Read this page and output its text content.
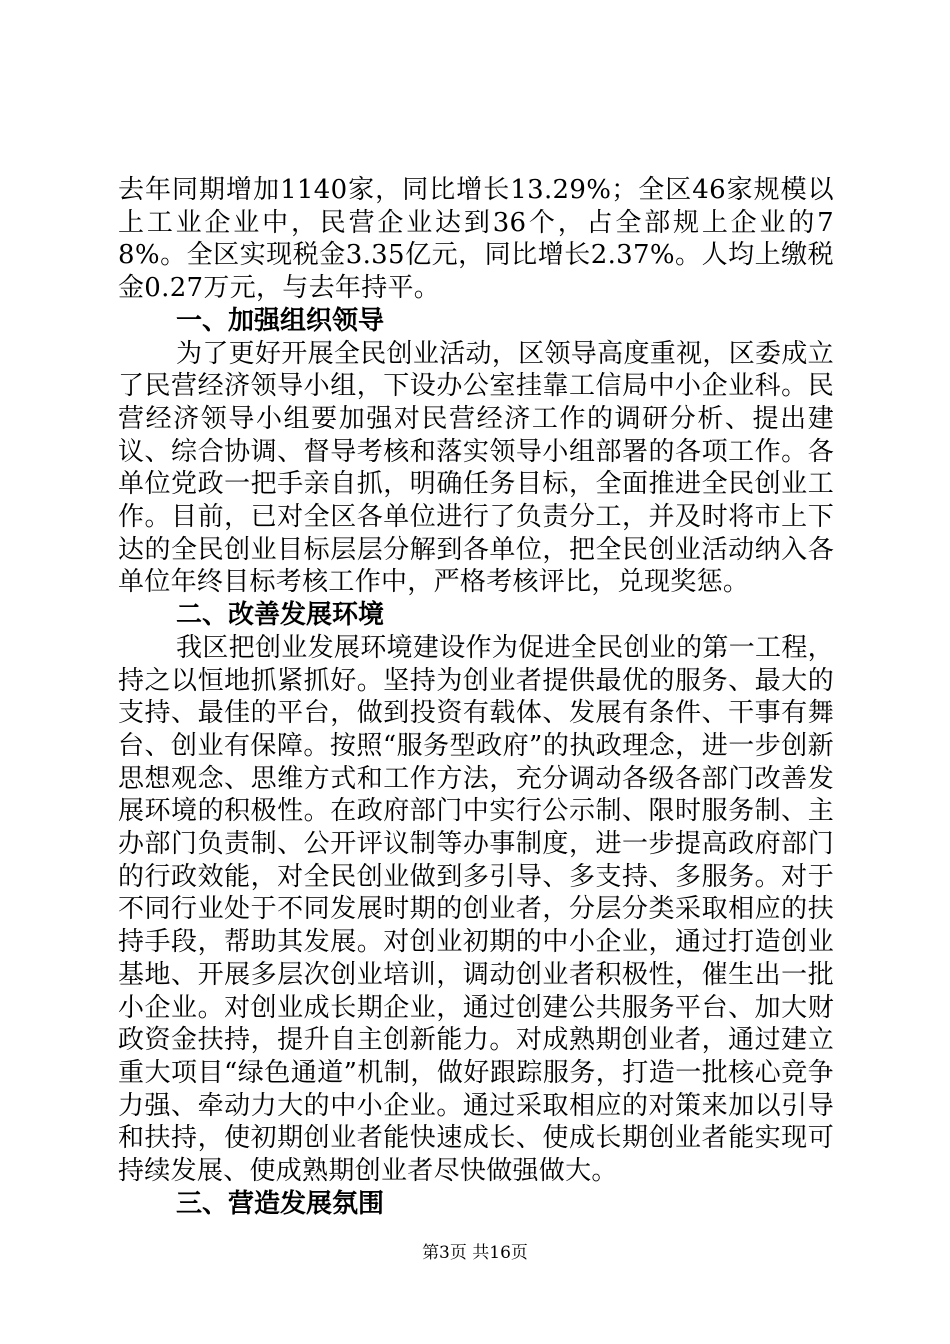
去年同期增加1140家，同比增长13.29%；全区46家规模以上工业企业中，民营企业达到36个，占全部规上企业的78%。全区实现税金3.35亿元，同比增长2.37%。人均上缴税金0.27万元，与去年持平。

一、加强组织领导

为了更好开展全民创业活动，区领导高度重视，区委成立了民营经济领导小组，下设办公室挂靠工信局中小企业科。民营经济领导小组要加强对民营经济工作的调研分析、提出建议、综合协调、督导考核和落实领导小组部署的各项工作。各单位党政一把手亲自抓，明确任务目标，全面推进全民创业工作。目前，已对全区各单位进行了负责分工，并及时将市上下达的全民创业目标层层分解到各单位，把全民创业活动纳入各单位年终目标考核工作中，严格考核评比，兑现奖惩。

二、改善发展环境

我区把创业发展环境建设作为促进全民创业的第一工程，持之以恒地抓紧抓好。坚持为创业者提供最优的服务、最大的支持、最佳的平台，做到投资有载体、发展有条件、干事有舞台、创业有保障。按照“服务型政府”的执政理念，进一步创新思想观念、思维方式和工作方法，充分调动各级各部门改善发展环境的积极性。在政府部门中实行公示制、限时服务制、主办部门负责制、公开评议制等办事制度，进一步提高政府部门的行政效能，对全民创业做到多引导、多支持、多服务。对于不同行业处于不同发展时期的创业者，分层分类采取相应的扶持手段，帮助其发展。对创业初期的中小企业，通过打造创业基地、开展多层次创业培训，调动创业者积极性，催生出一批小企业。对创业成长期企业，通过创建公共服务平台、加大财政资金扶持，提升自主创新能力。对成熟期创业者，通过建立重大项目“绿色通道”机制，做好跟踪服务，打造一批核心竞争力强、牵动力大的中小企业。通过采取相应的对策来加以引导和扶持，使初期创业者能快速成长、使成长期创业者能实现可持续发展、使成熟期创业者尽快做强做大。

三、营造发展氛围

第3页 共16页
